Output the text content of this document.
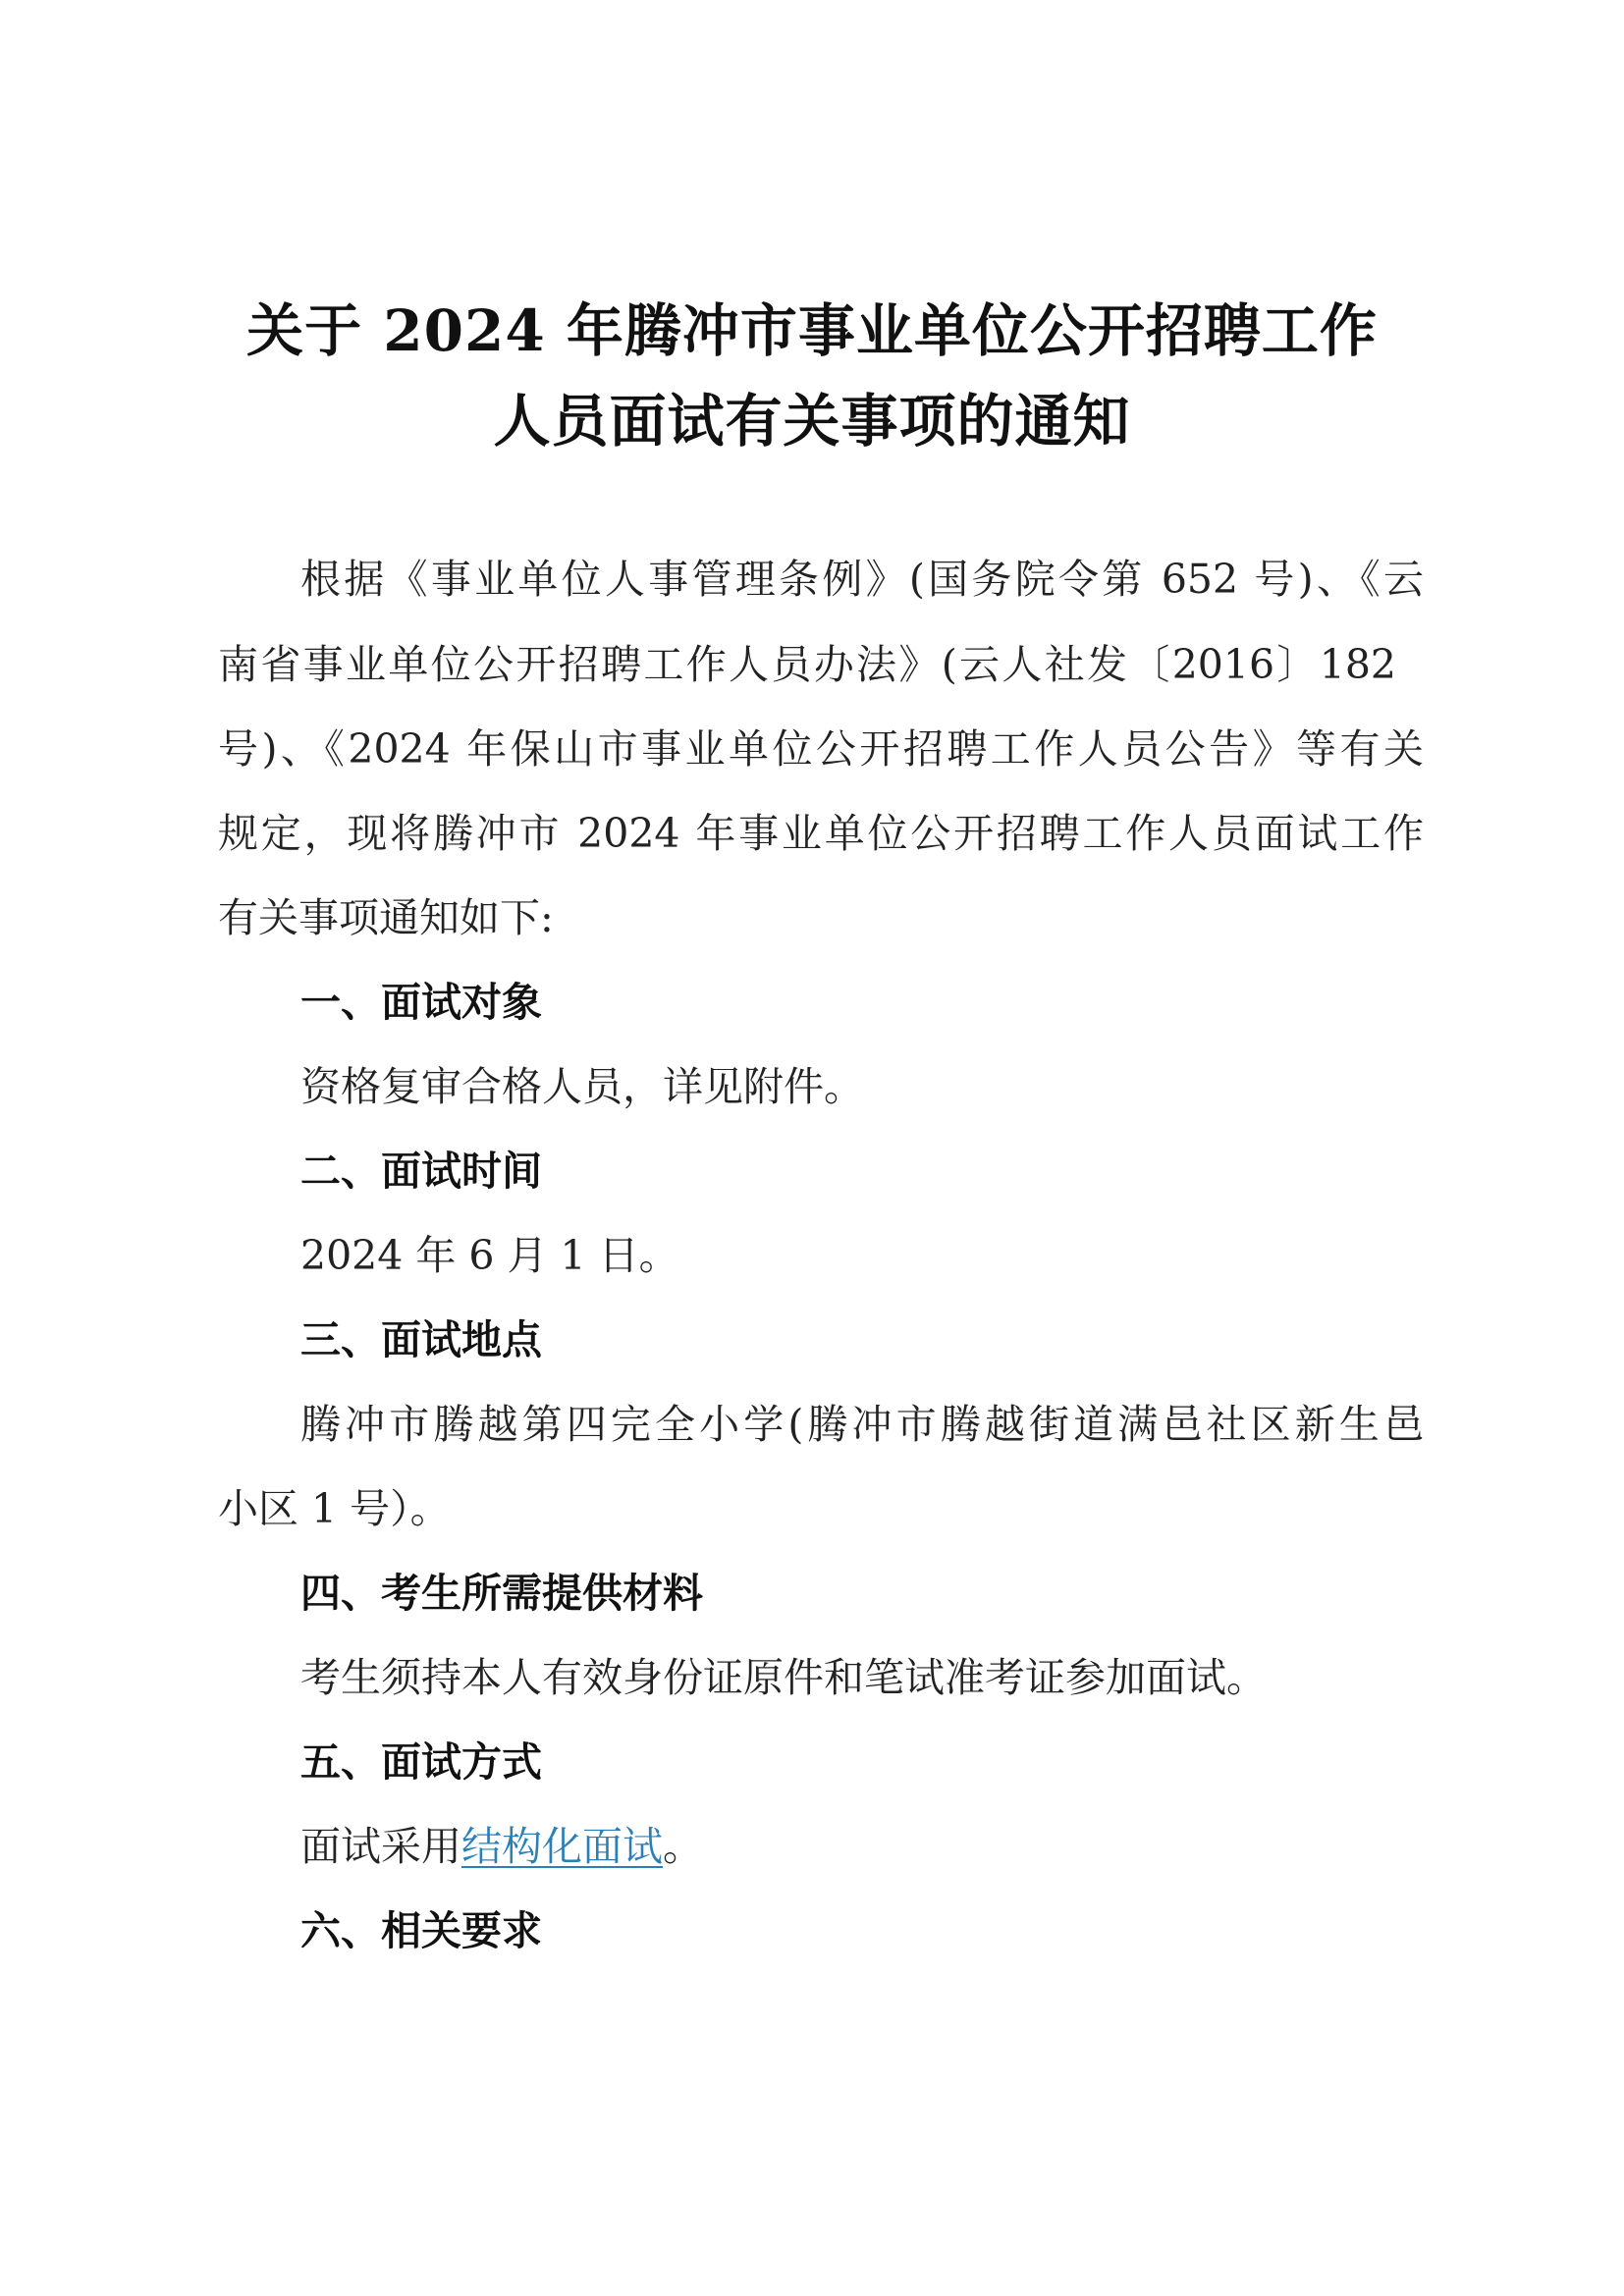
关于 2024 年腾冲市事业单位公开招聘工作
人员面试有关事项的通知
根据《事业单位人事管理条例》(国务院令第 652 号)、《云
南省事业单位公开招聘工作人员办法》(云人社发〔2016〕182
号)、《2024 年保山市事业单位公开招聘工作人员公告》等有关
规定，现将腾冲市 2024 年事业单位公开招聘工作人员面试工作
有关事项通知如下:
一、面试对象
资格复审合格人员，详见附件。
二、面试时间
2024 年 6 月 1 日。
三、面试地点
腾冲市腾越第四完全小学(腾冲市腾越街道满邑社区新生邑
小区 1 号）。
四、考生所需提供材料
考生须持本人有效身份证原件和笔试准考证参加面试。
五、面试方式
面试采用结构化面试。
六、相关要求
